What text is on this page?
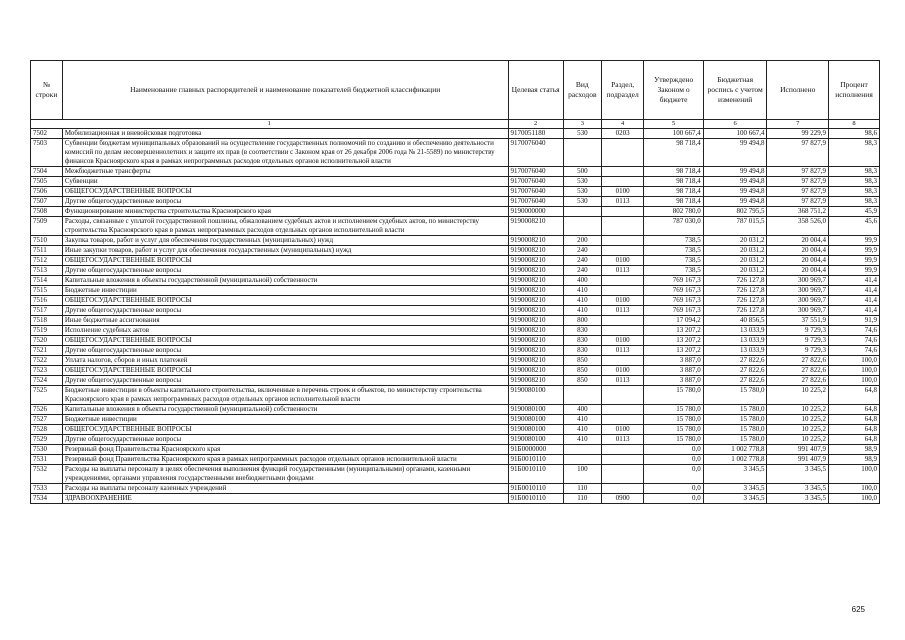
№ строки	Наименование главных распорядителей и наименование показателей бюджетной классификации	Целевая статья	Вид расходов	Раздел, подраздел	Утверждено Законом о бюджете	Бюджетная роспись с учетом изменений	Исполнено	Процент исполнения
1		2	3	4	5	6	7	8
7502	Мобилизационная и вневойсковая подготовка	9170051180	530	0203	100 667,4	100 667,4	99 229,9	98,6
7503	Субвенции бюджетам муниципальных образований на осуществление государственных полномочий по созданию и обеспечению деятельности комиссий по делам несовершеннолетних и защите их прав (в соответствии с Законом края от 26 декабря 2006 года № 21-5589) по министерству финансов Красноярского края в рамках непрограммных расходов отдельных органов исполнительной власти	9170076040			98 718,4	99 494,8	97 827,9	98,3
7504	Межбюджетные трансферты	9170076040	500		98 718,4	99 494,8	97 827,9	98,3
7505	Субвенции	9170076040	530		98 718,4	99 494,8	97 827,9	98,3
7506	ОБЩЕГОСУДАРСТВЕННЫЕ ВОПРОСЫ	9170076040	530	0100	98 718,4	99 494,8	97 827,9	98,3
7507	Другие общегосударственные вопросы	9170076040	530	0113	98 718,4	99 494,8	97 827,9	98,3
7508	Функционирование министерства строительства Красноярского края	9190000000			802 780,0	802 795,5	368 751,2	45,9
7509	Расходы, связанные с уплатой государственной пошлины, обжалованием судебных актов и исполнением судебных актов, по министерству строительства Красноярского края в рамках непрограммных расходов отдельных органов исполнительной власти	9190008210			787 030,0	787 015,5	358 526,0	45,6
7510	Закупка товаров, работ и услуг для обеспечения государственных (муниципальных) нужд	9190008210	200		738,5	20 031,2	20 004,4	99,9
7511	Иные закупки товаров, работ и услуг для обеспечения государственных (муниципальных) нужд	9190008210	240		738,5	20 031,2	20 004,4	99,9
7512	ОБЩЕГОСУДАРСТВЕННЫЕ ВОПРОСЫ	9190008210	240	0100	738,5	20 031,2	20 004,4	99,9
7513	Другие общегосударственные вопросы	9190008210	240	0113	738,5	20 031,2	20 004,4	99,9
7514	Капитальные вложения в объекты государственной (муниципальной) собственности	9190008210	400		769 167,3	726 127,8	300 969,7	41,4
7515	Бюджетные инвестиции	9190008210	410		769 167,3	726 127,8	300 969,7	41,4
7516	ОБЩЕГОСУДАРСТВЕННЫЕ ВОПРОСЫ	9190008210	410	0100	769 167,3	726 127,8	300 969,7	41,4
7517	Другие общегосударственные вопросы	9190008210	410	0113	769 167,3	726 127,8	300 969,7	41,4
7518	Иные бюджетные ассигнования	9190008210	800		17 094,2	40 856,5	37 551,9	91,9
7519	Исполнение судебных актов	9190008210	830		13 207,2	13 033,9	9 729,3	74,6
7520	ОБЩЕГОСУДАРСТВЕННЫЕ ВОПРОСЫ	9190008210	830	0100	13 207,2	13 033,9	9 729,3	74,6
7521	Другие общегосударственные вопросы	9190008210	830	0113	13 207,2	13 033,9	9 729,3	74,6
7522	Уплата налогов, сборов и иных платежей	9190008210	850		3 887,0	27 822,6	27 822,6	100,0
7523	ОБЩЕГОСУДАРСТВЕННЫЕ ВОПРОСЫ	9190008210	850	0100	3 887,0	27 822,6	27 822,6	100,0
7524	Другие общегосударственные вопросы	9190008210	850	0113	3 887,0	27 822,6	27 822,6	100,0
7525	Бюджетные инвестиции в объекты капитального строительства, включенные в перечень строек и объектов, по министерству строительства Красноярского края в рамках непрограммных расходов отдельных органов исполнительной власти	9190080100			15 780,0	15 780,0	10 225,2	64,8
7526	Капитальные вложения в объекты государственной (муниципальной) собственности	9190080100	400		15 780,0	15 780,0	10 225,2	64,8
7527	Бюджетные инвестиции	9190080100	410		15 780,0	15 780,0	10 225,2	64,8
7528	ОБЩЕГОСУДАРСТВЕННЫЕ ВОПРОСЫ	9190080100	410	0100	15 780,0	15 780,0	10 225,2	64,8
7529	Другие общегосударственные вопросы	9190080100	410	0113	15 780,0	15 780,0	10 225,2	64,8
7530	Резервный фонд Правительства Красноярского края	91Б0000000			0,0	1 002 778,8	991 407,9	98,9
7531	Резервный фонд Правительства Красноярского края в рамках непрограммных расходов отдельных органов исполнительной власти	91Б0010110			0,0	1 002 778,8	991 407,9	98,9
7532	Расходы на выплаты персоналу в целях обеспечения выполнения функций государственными (муниципальными) органами, казенными учреждениями, органами управления государственными внебюджетными фондами	91Б0010110	100		0,0	3 345,5	3 345,5	100,0
7533	Расходы на выплаты персоналу казенных учреждений	91Б0010110	110		0,0	3 345,5	3 345,5	100,0
7534	ЗДРАВООХРАНЕНИЕ	91Б0010110	110	0900	0,0	3 345,5	3 345,5	100,0
625
